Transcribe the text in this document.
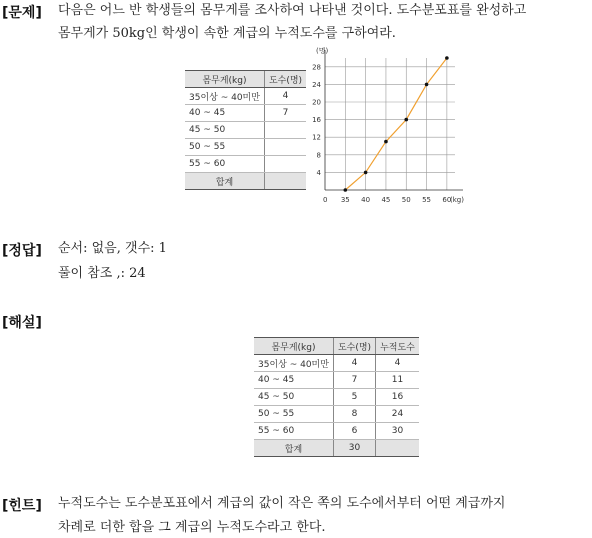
[문제] 다음은 어느 반 학생들의 몸무게를 조사하여 나타낸 것이다. 도수분포표를 완성하고
몸무게가 50kg인 학생이 속한 계급의 누적도수를 구하여라.
몸무게(kg)	도수(명)
35이상 ~ 40미만	4
40 ~ 45	7
45 ~ 50	
50 ~ 55	
55 ~ 60	
합계	
4
8
12
16
20
24
28
35 40 45 50 55 60
(명)
(kg)
0
[정답] 순서: 없음, 갯수: 1
풀이 참조 ,: 24
[해설]
몸무게(kg)	도수(명)	누적도수
35이상 ~ 40미만	4	4
40 ~ 45	7	11
45 ~ 50	5	16
50 ~ 55	8	24
55 ~ 60	6	30
합계	30	
[힌트] 누적도수는 도수분포표에서 계급의 값이 작은 쪽의 도수에서부터 어떤 계급까지
차례로 더한 합을 그 계급의 누적도수라고 한다.
